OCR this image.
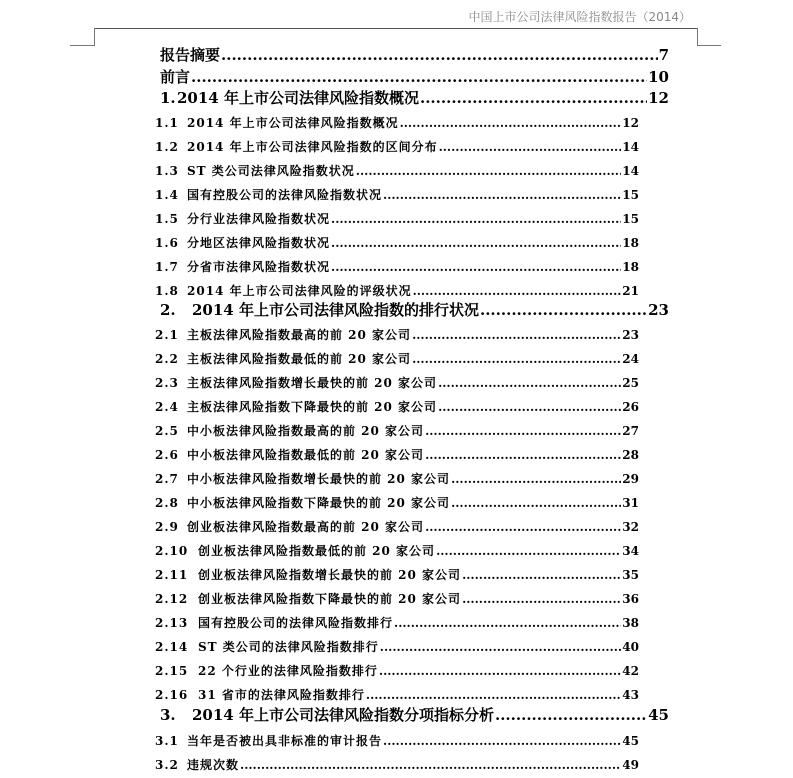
中国上市公司法律风险指数报告（2014）
报告摘要 .....	7
前言 .....	10
1. 2014 年上市公司法律风险指数概况 .....	12
1.1 2014 年上市公司法律风险指数概况 .....	12
1.2 2014 年上市公司法律风险指数的区间分布 .....	14
1.3 ST 类公司法律风险指数状况 .....	14
1.4 国有控股公司的法律风险指数状况 .....	15
1.5 分行业法律风险指数状况 .....	15
1.6 分地区法律风险指数状况 .....	18
1.7 分省市法律风险指数状况 .....	18
1.8 2014 年上市公司法律风险的评级状况 .....	21
2.	2014 年上市公司法律风险指数的排行状况 .....	23
2.1 主板法律风险指数最高的前 20 家公司 .....	23
2.2 主板法律风险指数最低的前 20 家公司 .....	24
2.3 主板法律风险指数增长最快的前 20 家公司 .....	25
2.4 主板法律风险指数下降最快的前 20 家公司 .....	26
2.5 中小板法律风险指数最高的前 20 家公司 .....	27
2.6 中小板法律风险指数最低的前 20 家公司 .....	28
2.7 中小板法律风险指数增长最快的前 20 家公司 .....	29
2.8 中小板法律风险指数下降最快的前 20 家公司 .....	31
2.9 创业板法律风险指数最高的前 20 家公司 .....	32
2.10 创业板法律风险指数最低的前 20 家公司 .....	34
2.11 创业板法律风险指数增长最快的前 20 家公司 .....	35
2.12 创业板法律风险指数下降最快的前 20 家公司 .....	36
2.13 国有控股公司的法律风险指数排行 .....	38
2.14 ST 类公司的法律风险指数排行 .....	40
2.15 22 个行业的法律风险指数排行 .....	42
2.16 31 省市的法律风险指数排行 .....	43
3.	2014 年上市公司法律风险指数分项指标分析 .....	45
3.1 当年是否被出具非标准的审计报告 .....	45
3.2 违规次数 .....	49
